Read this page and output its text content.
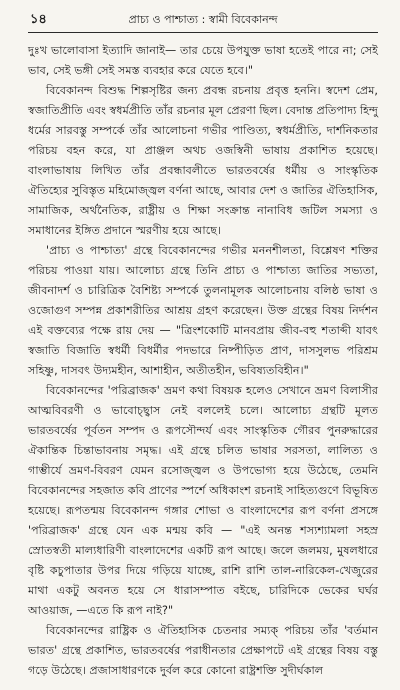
১৪	প্রাচ্য ও পাশ্চাত্য : স্বামী বিবেকানন্দ

দুঃখ ভালোবাসা ইত্যাদি জানাই— তার চেয়ে উপযুক্ত ভাষা হতেই পারে না; সেই ভাব, সেই ভঙ্গী সেই সমস্ত ব্যবহার করে যেতে হবে।"

বিবেকানন্দ বিশুদ্ধ শিল্পসৃষ্টির জন্য প্রবন্ধ রচনায় প্রবৃত্ত হননি। স্বদেশ প্রেম, স্বজাতিপ্রীতি এবং স্বধর্মপ্রীতি তাঁর রচনার মূল প্রেরণা ছিল। বেদান্ত প্রতিপাদ্য হিন্দু ধর্মের সারবস্তু সম্পর্কে তাঁর আলোচনা গভীর পাণ্ডিত্য, স্বধর্মপ্রীতি, দার্শনিকতার পরিচয় বহন করে, যা প্রাঞ্জল অথচ ওজস্বিনী ভাষায় প্রকাশিত হয়েছে। বাংলাভাষায় লিখিত তাঁর প্রবন্ধাবলীতে ভারতবর্ষের ধর্মীয় ও সাংস্কৃতিক ঐতিহ্যের সুবিস্তৃত মহিমোজ্জ্বল বর্ণনা আছে, আবার দেশ ও জাতির ঐতিহাসিক, সামাজিক, অর্থনৈতিক, রাষ্ট্রীয় ও শিক্ষা সংক্রান্ত নানাবিধ জটিল সমস্যা ও সমাধানের ইঙ্গিত প্রদানে স্মরণীয় হয়ে আছে।

'প্রাচ্য ও পাশ্চাত্য' গ্রন্থে বিবেকানন্দের গভীর মননশীলতা, বিশ্লেষণ শক্তির পরিচয় পাওয়া যায়। আলোচ্য গ্রন্থে তিনি প্রাচ্য ও পাশ্চাত্য জাতির সভ্যতা, জীবনাদর্শ ও চারিত্রিক বৈশিষ্ট্য সম্পর্কে তুলনামূলক আলোচনায় বলিষ্ঠ ভাষা ও ওজোগুণ সম্পন্ন প্রকাশরীতির আশ্রয় গ্রহণ করেছেন। উক্ত গ্রন্থের বিষয় নির্দশন এই বক্তব্যের পক্ষে রায় দেয় — "ত্রিংশকোটি মানবপ্রায় জীব-বহু শতাব্দী যাবৎ স্বজাতি বিজাতি স্বধর্মী বিধর্মীর পদভারে নিষ্পীড়িত প্রাণ, দাসসুলভ পরিশ্রম সহিষ্ণু, দাসবৎ উদ্যমহীন, আশাহীন, অতীতহীন, ভবিষ্যতবিহীন।"

বিবেকানন্দের 'পরিব্রাজক' ভ্রমণ কথা বিষয়ক হলেও সেখানে ভ্রমণ বিলাসীর আত্মবিবরণী ও ভাবোচ্ছ্বাস নেই বললেই চলে। আলোচ্য গ্রন্থটি মূলত ভারতবর্ষের পূর্বতন সম্পদ ও রূপসৌন্দর্য এবং সাংস্কৃতিক গৌরব পুনরুদ্ধারের ঐকান্তিক চিন্তাভাবনায় সমৃদ্ধ। এই গ্রন্থে চলিত ভাষার সরসতা, লালিত্য ও গাম্ভীর্যে ভ্রমণ-বিবরণ যেমন রসোজ্জ্বল ও উপভোগ্য হয়ে উঠেছে, তেমনি বিবেকানন্দের সহজাত কবি প্রাণের স্পর্শে অধিকাংশ রচনাই সাহিত্যগুণে বিভূষিত হয়েছে। রূপতন্ময় বিবেকানন্দ গঙ্গার শোভা ও বাংলাদেশের রূপ বর্ণনা প্রসঙ্গে 'পরিব্রাজক' গ্রন্থে যেন এক মন্ময় কবি — "এই অনন্ত শস্যশ্যামলা সহস্র স্রোতস্বতী মাল্যধারিণী বাংলাদেশের একটি রূপ আছে। জলে জলময়, মুষলধারে বৃষ্টি কচুপাতার উপর দিয়ে গড়িয়ে যাচ্ছে, রাশি রাশি তাল-নারিকেল-খেজুরের মাথা একটু অবনত হয়ে সে ধারাসম্পাত বইছে, চারিদিকে ভেকের ঘর্ঘর আওয়াজ, —এতে কি রূপ নাই?"

বিবেকানন্দের রাষ্ট্রিক ও ঐতিহাসিক চেতনার সম্যক্‌ পরিচয় তাঁর 'বর্তমান ভারত' গ্রন্থে প্রকাশিত, ভারতবর্ষের পরাধীনতার প্রেক্ষাপটে এই গ্রন্থের বিষয় বস্তু গড়ে উঠেছে। প্রজাসাধারণকে দুর্বল করে কোনো রাষ্ট্রশক্তি সুদীর্ঘকাল
